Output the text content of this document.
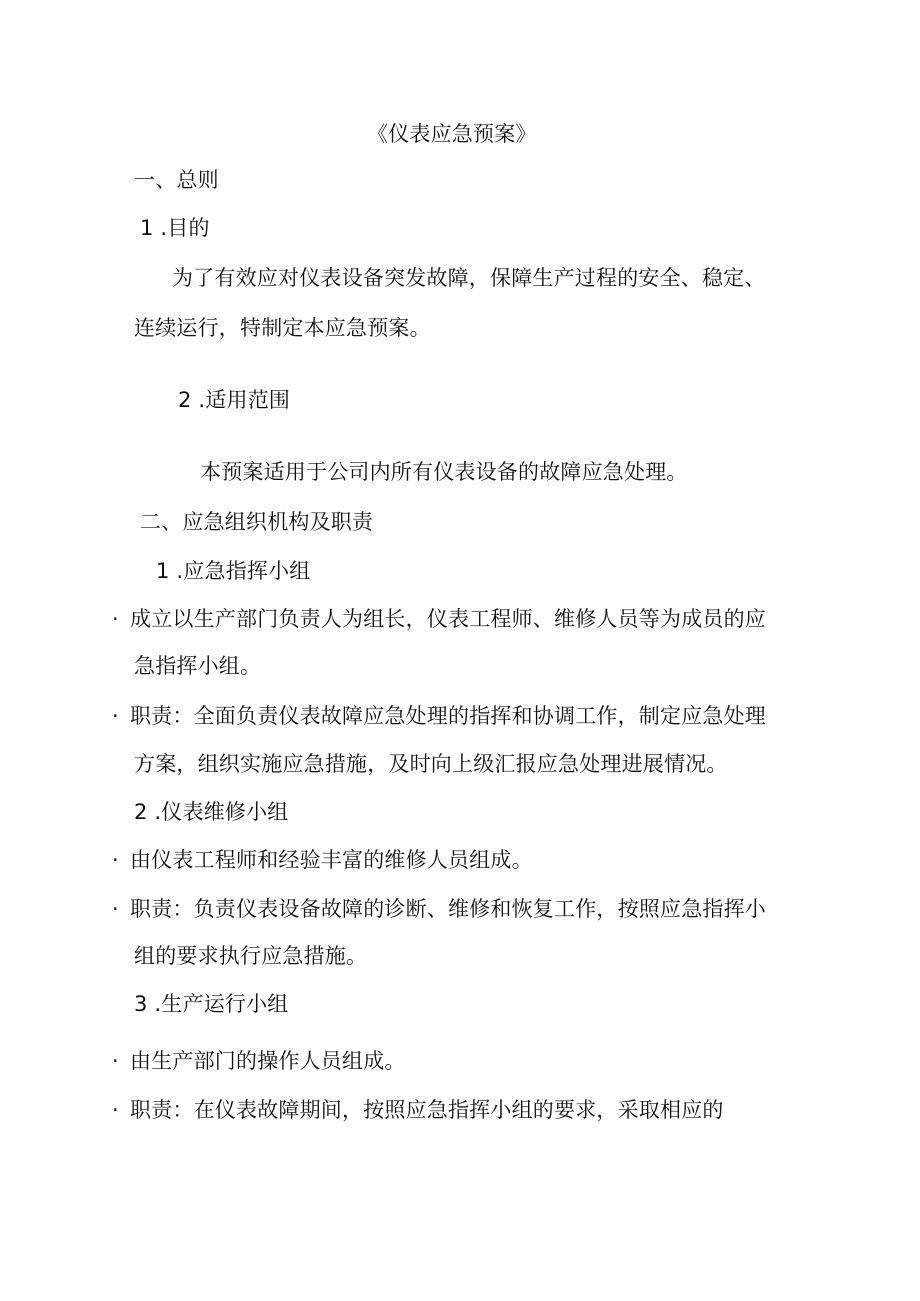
《仪表应急预案》
一、总则
1 .目的
为了有效应对仪表设备突发故障，保障生产过程的安全、稳定、
连续运行，特制定本应急预案。
2 .适用范围
本预案适用于公司内所有仪表设备的故障应急处理。
二、应急组织机构及职责
1 .应急指挥小组
· 成立以生产部门负责人为组长，仪表工程师、维修人员等为成员的应
急指挥小组。
· 职责：全面负责仪表故障应急处理的指挥和协调工作，制定应急处理
方案，组织实施应急措施，及时向上级汇报应急处理进展情况。
2 .仪表维修小组
· 由仪表工程师和经验丰富的维修人员组成。
· 职责：负责仪表设备故障的诊断、维修和恢复工作，按照应急指挥小
组的要求执行应急措施。
3 .生产运行小组
· 由生产部门的操作人员组成。
· 职责：在仪表故障期间，按照应急指挥小组的要求，采取相应的
